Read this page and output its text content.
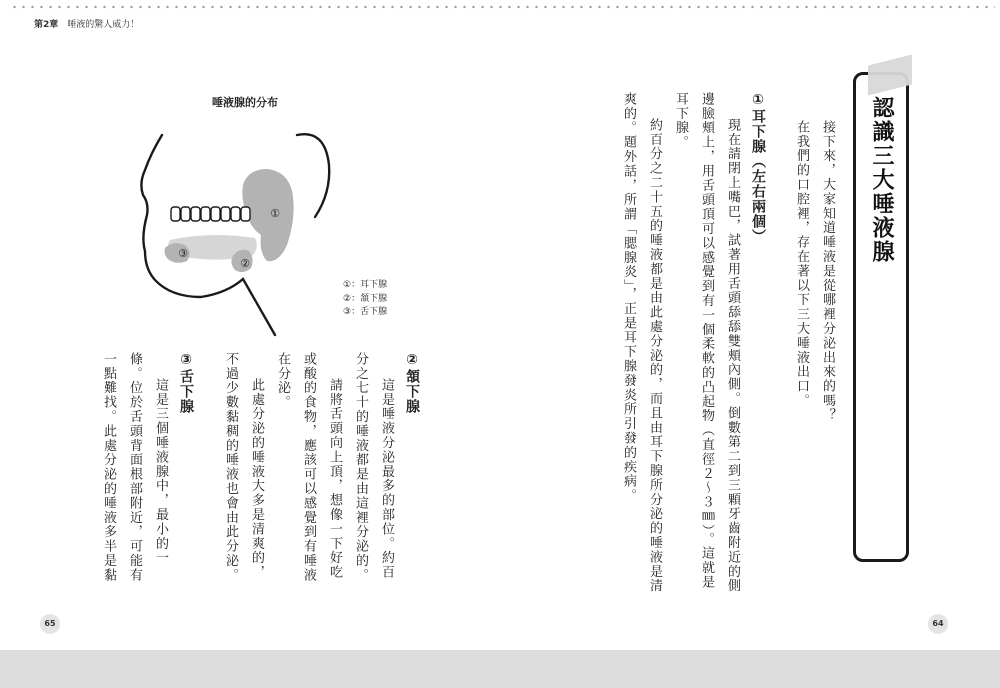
第2章 唾液的驚人威力！
唾液腺的分布
①
②
③
①：耳下腺
②：頷下腺
③：舌下腺
②頷下腺
這是唾液分泌最多的部位。約百
分之七十的唾液都是由這裡分泌的。
請將舌頭向上頂，想像一下好吃
或酸的食物，應該可以感覺到有唾液
在分泌。
此處分泌的唾液大多是清爽的，
不過少數黏稠的唾液也會由此分泌。
③舌下腺
這是三個唾液腺中，最小的一
條。位於舌頭背面根部附近，可能有
一點難找。此處分泌的唾液多半是黏
65
認識三大唾液腺
接下來，大家知道唾液是從哪裡分泌出來的嗎？
在我們的口腔裡，存在著以下三大唾液出口。
①耳下腺（左右兩個）
現在請閉上嘴巴，試著用舌頭舔舔雙頰內側。倒數第二到三顆牙齒附近的側
邊臉頰上，用舌頭頂可以感覺到有一個柔軟的凸起物（直徑２～３㎜）。這就是
耳下腺。
約百分之二十五的唾液都是由此處分泌的，而且由耳下腺所分泌的唾液是清
爽的。題外話，所謂「腮腺炎」，正是耳下腺發炎所引發的疾病。
64
